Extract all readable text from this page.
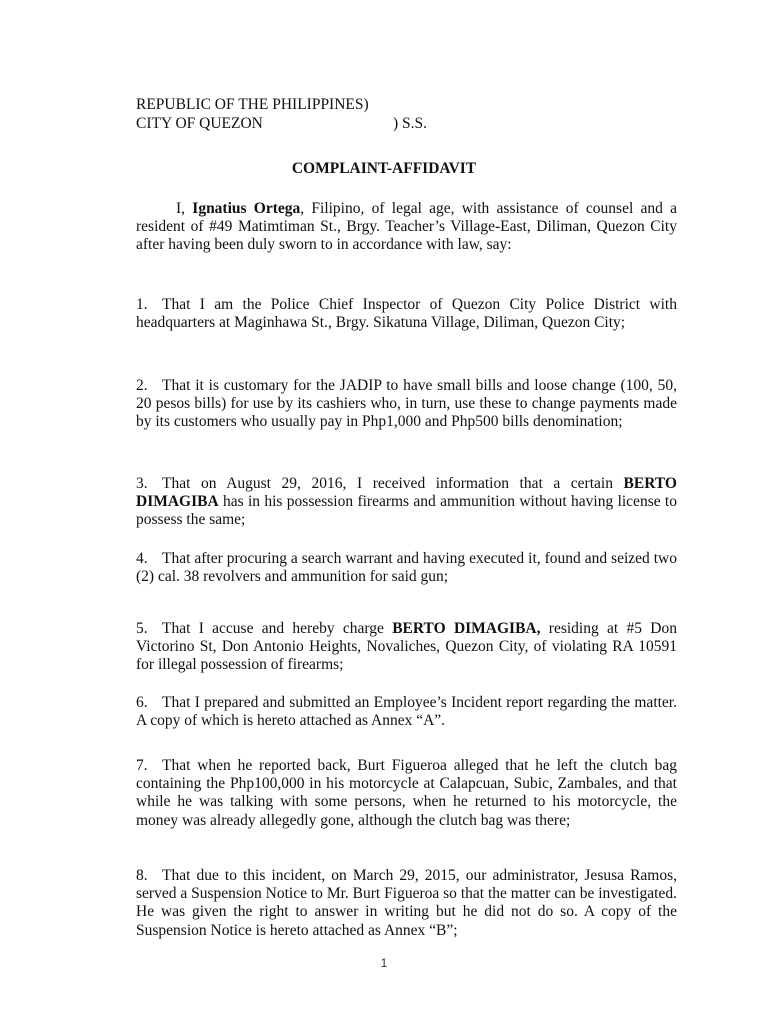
REPUBLIC OF THE PHILIPPINES)
CITY OF QUEZON	) S.S.
COMPLAINT-AFFIDAVIT

I, Ignatius Ortega, Filipino, of legal age, with assistance of counsel and a resident of #49 Matimtiman St., Brgy. Teacher’s Village-East, Diliman, Quezon City after having been duly sworn to in accordance with law, say:

1. That I am the Police Chief Inspector of Quezon City Police District with headquarters at Maginhawa St., Brgy. Sikatuna Village, Diliman, Quezon City;

2. That it is customary for the JADIP to have small bills and loose change (100, 50, 20 pesos bills) for use by its cashiers who, in turn, use these to change payments made by its customers who usually pay in Php1,000 and Php500 bills denomination;

3. That on August 29, 2016, I received information that a certain BERTO DIMAGIBA has in his possession firearms and ammunition without having license to possess the same;

4. That after procuring a search warrant and having executed it, found and seized two (2) cal. 38 revolvers and ammunition for said gun;

5. That I accuse and hereby charge BERTO DIMAGIBA, residing at #5 Don Victorino St, Don Antonio Heights, Novaliches, Quezon City, of violating RA 10591 for illegal possession of firearms;

6. That I prepared and submitted an Employee’s Incident report regarding the matter. A copy of which is hereto attached as Annex “A”.

7. That when he reported back, Burt Figueroa alleged that he left the clutch bag containing the Php100,000 in his motorcycle at Calapcuan, Subic, Zambales, and that while he was talking with some persons, when he returned to his motorcycle, the money was already allegedly gone, although the clutch bag was there;

8. That due to this incident, on March 29, 2015, our administrator, Jesusa Ramos, served a Suspension Notice to Mr. Burt Figueroa so that the matter can be investigated. He was given the right to answer in writing but he did not do so. A copy of the Suspension Notice is hereto attached as Annex “B”;

1
